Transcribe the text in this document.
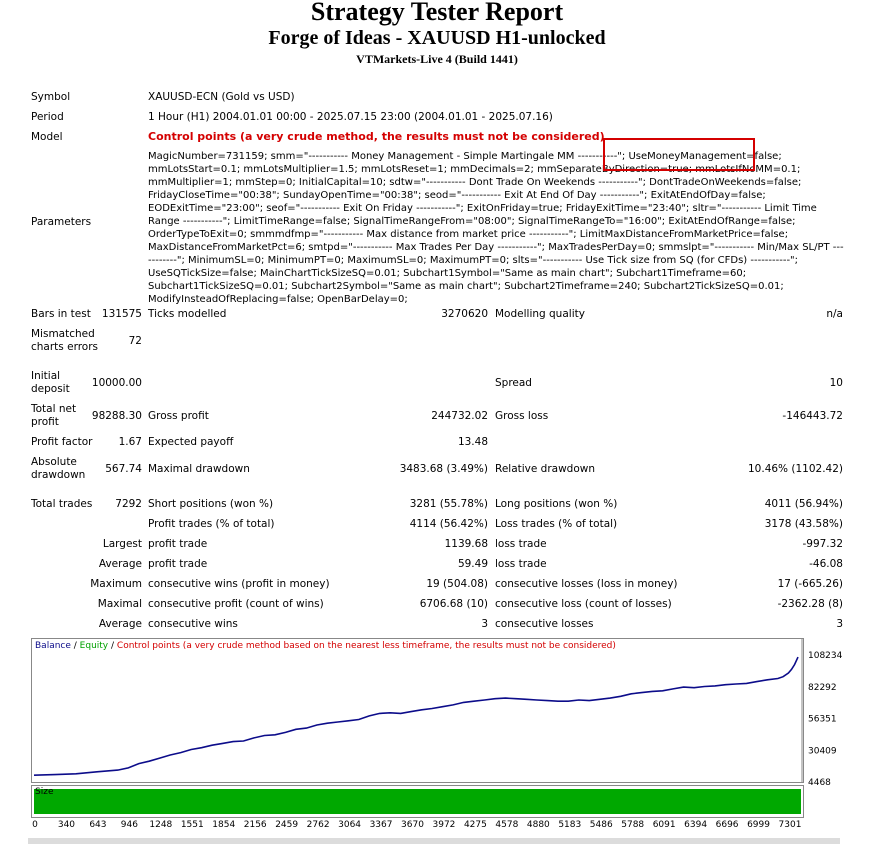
Strategy Tester Report
Forge of Ideas - XAUUSD H1-unlocked
VTMarkets-Live 4 (Build 1441)
Symbol	XAUUSD-ECN (Gold vs USD)
Period	1 Hour (H1) 2004.01.01 00:00 - 2025.07.15 23:00 (2004.01.01 - 2025.07.16)
Model	Control points (a very crude method, the results must not be considered)
Parameters
MagicNumber=731159; smm="----------- Money Management - Simple Martingale MM -----------"; UseMoneyManagement=false; mmLotsStart=0.1; mmLotsMultiplier=1.5; mmLotsReset=1; mmDecimals=2; mmSeparateByDirection=true; mmLotsIfNoMM=0.1; mmMultiplier=1; mmStep=0; InitialCapital=10; sdtw="----------- Dont Trade On Weekends -----------"; DontTradeOnWeekends=false; FridayCloseTime="00:38"; SundayOpenTime="00:38"; seod="----------- Exit At End Of Day -----------"; ExitAtEndOfDay=false; EODExitTime="23:00"; seof="----------- Exit On Friday -----------"; ExitOnFriday=true; FridayExitTime="23:40"; sltr="----------- Limit Time Range -----------"; LimitTimeRange=false; SignalTimeRangeFrom="08:00"; SignalTimeRangeTo="16:00"; ExitAtEndOfRange=false; OrderTypeToExit=0; smmmdfmp="----------- Max distance from market price -----------"; LimitMaxDistanceFromMarketPrice=false; MaxDistanceFromMarketPct=6; smtpd="----------- Max Trades Per Day -----------"; MaxTradesPerDay=0; smmslpt="----------- Min/Max SL/PT -----------"; MinimumSL=0; MinimumPT=0; MaximumSL=0; MaximumPT=0; slts="----------- Use Tick size from SQ (for CFDs) -----------"; UseSQTickSize=false; MainChartTickSizeSQ=0.01; Subchart1Symbol="Same as main chart"; Subchart1Timeframe=60; Subchart1TickSizeSQ=0.01; Subchart2Symbol="Same as main chart"; Subchart2Timeframe=240; Subchart2TickSizeSQ=0.01; ModifyInsteadOfReplacing=false; OpenBarDelay=0;
Bars in test	131575 Ticks modelled	3270620 Modelling quality	n/a
Mismatched
charts errors	72
Initial
deposit 10000.00	Spread	10
Total net
profit	98288.30 Gross profit	244732.02 Gross loss	-146443.72
Profit factor	1.67 Expected payoff	13.48
Absolute
drawdown	567.74 Maximal drawdown	3483.68 (3.49%) Relative drawdown	10.46% (1102.42)
Total trades	7292 Short positions (won %)	3281 (55.78%) Long positions (won %)	4011 (56.94%)
Profit trades (% of total)	4114 (56.42%) Loss trades (% of total)	3178 (43.58%)
Largest profit trade	1139.68 loss trade	-997.32
Average profit trade	59.49 loss trade	-46.08
Maximum consecutive wins (profit in money)	19 (504.08) consecutive losses (loss in money)	17 (-665.26)
Maximal consecutive profit (count of wins)	6706.68 (10) consecutive loss (count of losses)	-2362.28 (8)
Average consecutive wins	3 consecutive losses	3
Balance / Equity / Control points (a very crude method based on the nearest less timeframe, the results must not be considered)
108234
82292
56351
30409
4468
Size
0	340	643	946	1248 1551 1854 2156 2459 2762 3064 3367 3670 3972 4275 4578 4880 5183 5486 5788 6091 6394 6696 6999 7301
